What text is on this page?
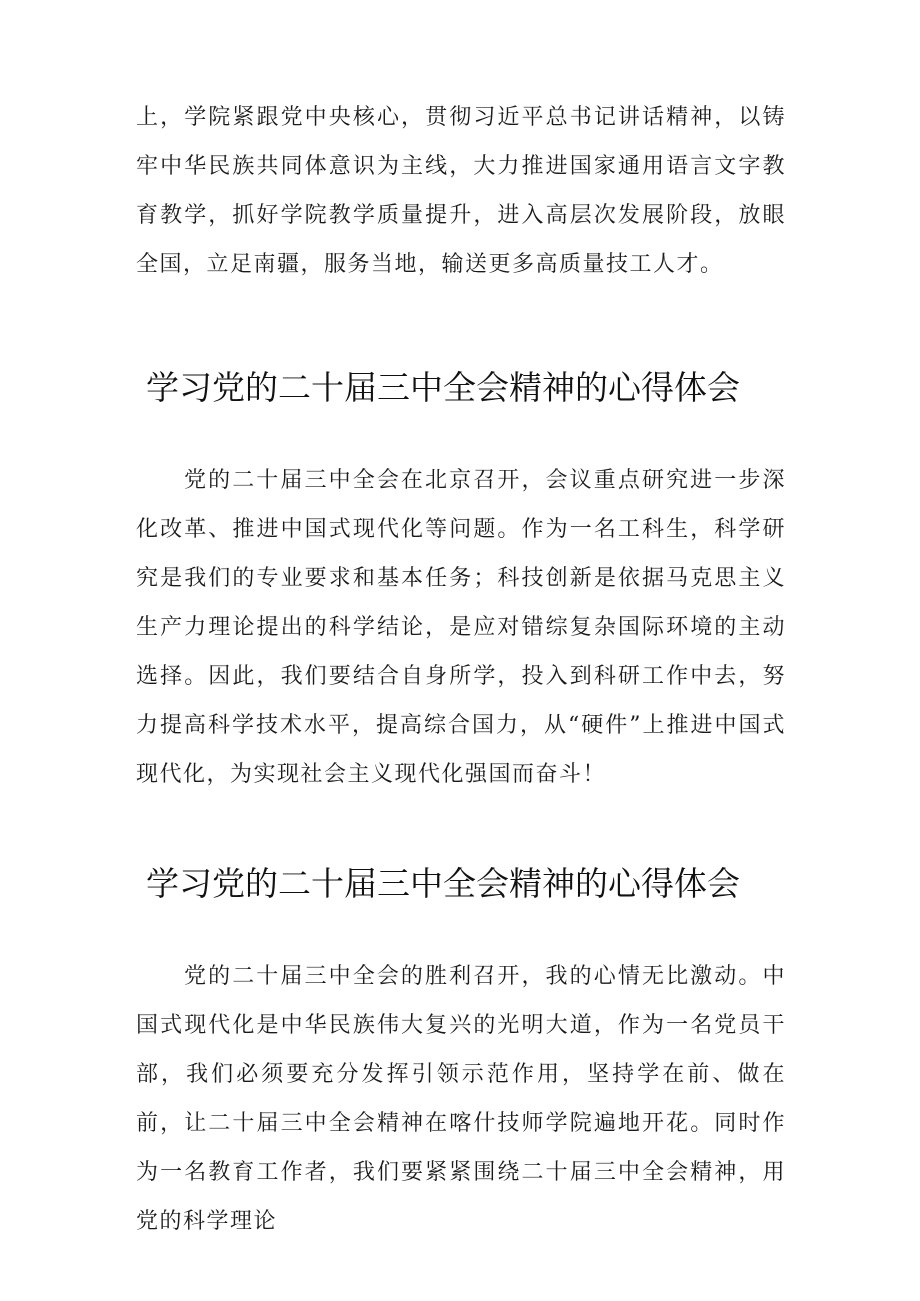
上，学院紧跟党中央核心，贯彻习近平总书记讲话精神，以铸牢中华民族共同体意识为主线，大力推进国家通用语言文字教育教学，抓好学院教学质量提升，进入高层次发展阶段，放眼全国，立足南疆，服务当地，输送更多高质量技工人才。

学习党的二十届三中全会精神的心得体会

党的二十届三中全会在北京召开，会议重点研究进一步深化改革、推进中国式现代化等问题。作为一名工科生，科学研究是我们的专业要求和基本任务；科技创新是依据马克思主义生产力理论提出的科学结论，是应对错综复杂国际环境的主动选择。因此，我们要结合自身所学，投入到科研工作中去，努力提高科学技术水平，提高综合国力，从“硬件”上推进中国式现代化，为实现社会主义现代化强国而奋斗！

学习党的二十届三中全会精神的心得体会

党的二十届三中全会的胜利召开，我的心情无比激动。中国式现代化是中华民族伟大复兴的光明大道，作为一名党员干部，我们必须要充分发挥引领示范作用，坚持学在前、做在前，让二十届三中全会精神在喀什技师学院遍地开花。同时作为一名教育工作者，我们要紧紧围绕二十届三中全会精神，用党的科学理论
